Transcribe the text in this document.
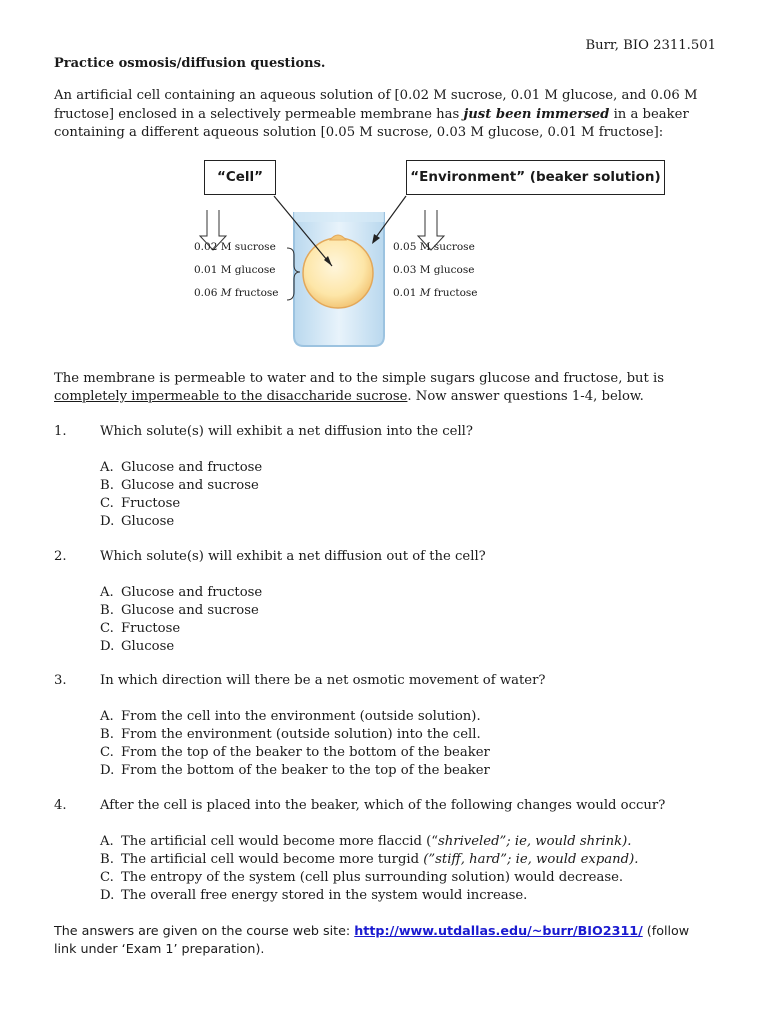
Burr, BIO 2311.501
Practice osmosis/diffusion questions.
An artificial cell containing an aqueous solution of [0.02 M sucrose, 0.01 M glucose, and 0.06 M fructose] enclosed in a selectively permeable membrane has just been immersed in a beaker containing a different aqueous solution [0.05 M sucrose, 0.03 M glucose, 0.01 M fructose]:
“Cell”	“Environment” (beaker solution)
0.02 M sucrose
0.01 M glucose
0.06 M fructose
0.05 M sucrose
0.03 M glucose
0.01 M fructose
The membrane is permeable to water and to the simple sugars glucose and fructose, but is completely impermeable to the disaccharide sucrose. Now answer questions 1-4, below.
1.	Which solute(s) will exhibit a net diffusion into the cell?
A. Glucose and fructose
B. Glucose and sucrose
C. Fructose
D. Glucose
2.	Which solute(s) will exhibit a net diffusion out of the cell?
A. Glucose and fructose
B. Glucose and sucrose
C. Fructose
D. Glucose
3.	In which direction will there be a net osmotic movement of water?
A. From the cell into the environment (outside solution).
B. From the environment (outside solution) into the cell.
C. From the top of the beaker to the bottom of the beaker
D. From the bottom of the beaker to the top of the beaker
4.	After the cell is placed into the beaker, which of the following changes would occur?
A. The artificial cell would become more flaccid (“shriveled”; ie, would shrink).
B. The artificial cell would become more turgid (”stiff, hard”; ie, would expand).
C. The entropy of the system (cell plus surrounding solution) would decrease.
D. The overall free energy stored in the system would increase.
The answers are given on the course web site: http://www.utdallas.edu/~burr/BIO2311/ (follow link under ‘Exam 1’ preparation).
